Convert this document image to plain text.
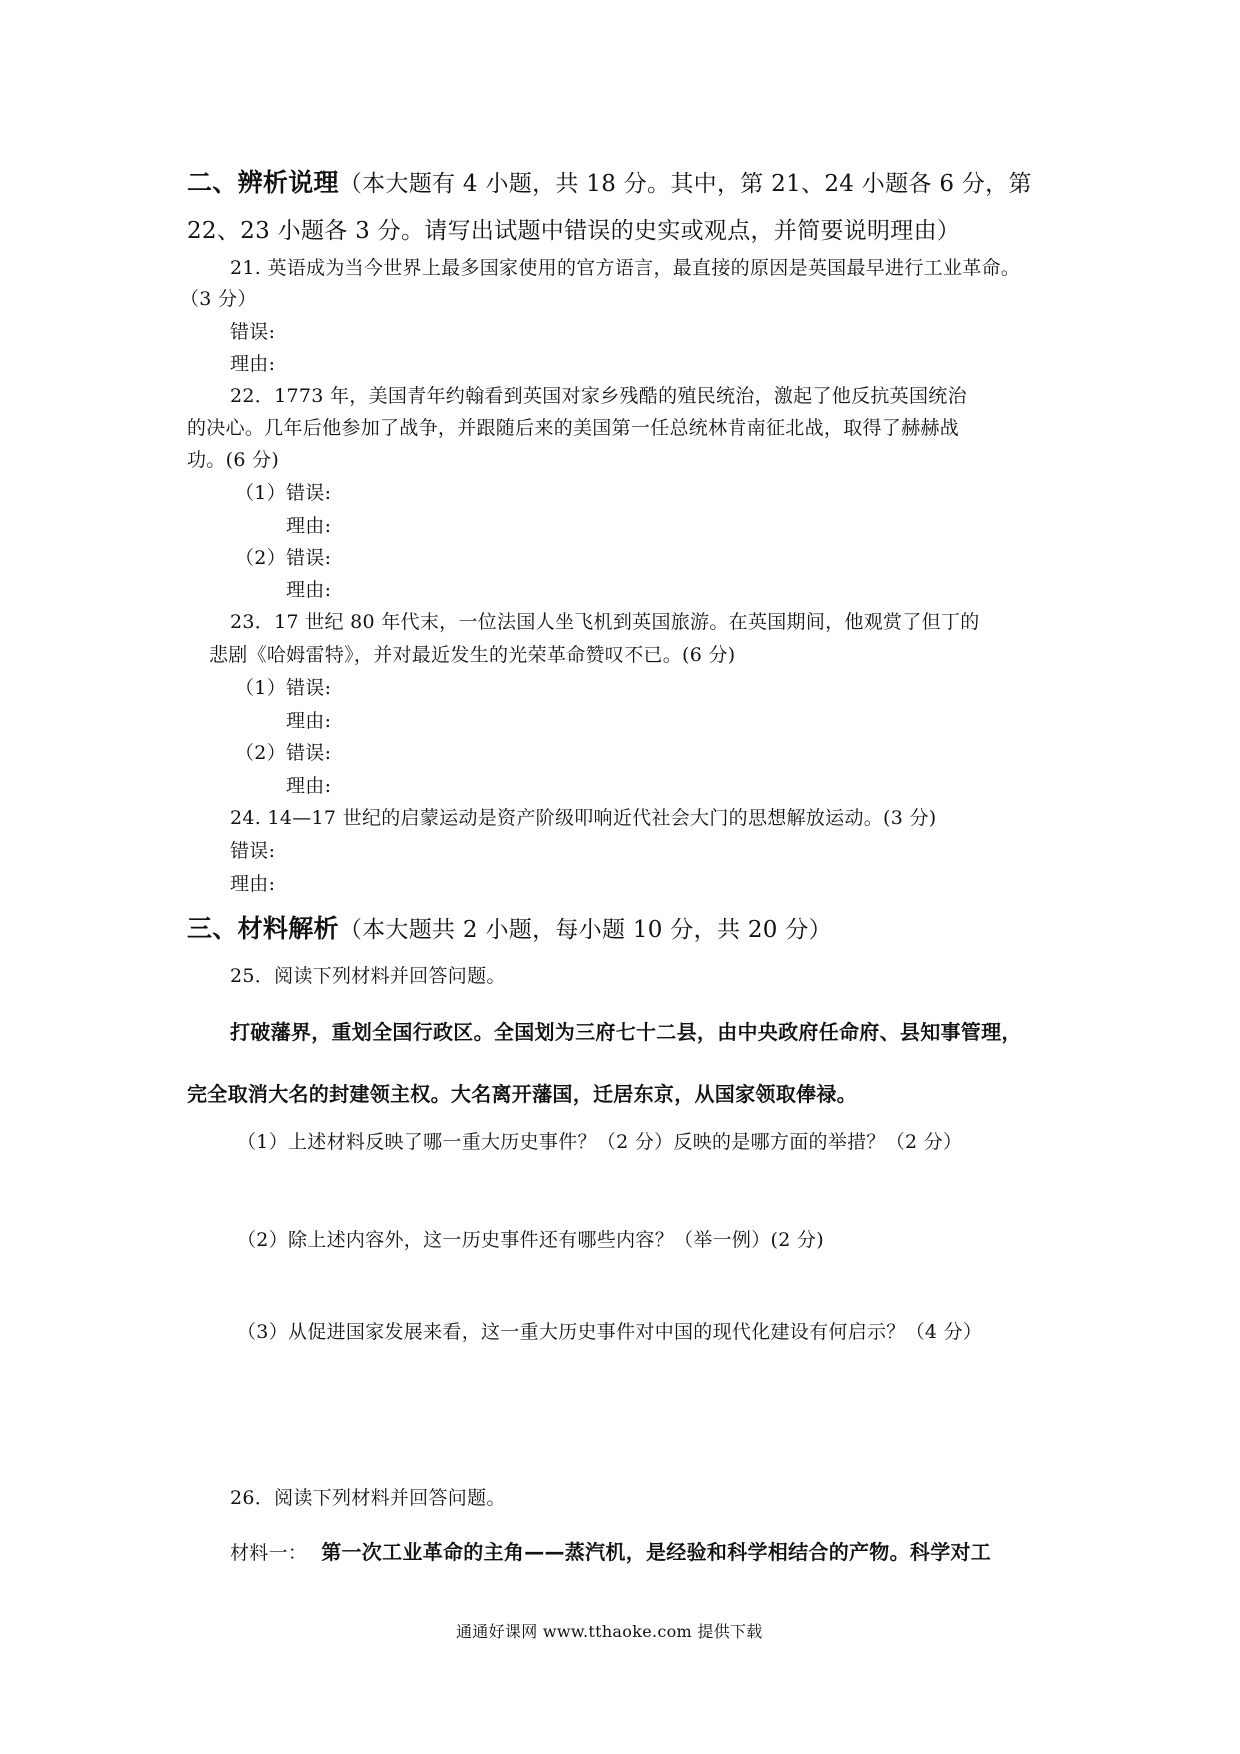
二、辨析说理（本大题有 4 小题，共 18 分。其中，第 21、24 小题各 6 分，第
22、23 小题各 3 分。请写出试题中错误的史实或观点，并简要说明理由）
21. 英语成为当今世界上最多国家使用的官方语言，最直接的原因是英国最早进行工业革命。
（3 分）
错误:
理由:
22．1773 年，美国青年约翰看到英国对家乡残酷的殖民统治，激起了他反抗英国统治
的决心。几年后他参加了战争，并跟随后来的美国第一任总统林肯南征北战，取得了赫赫战
功。(6 分)
（1）错误:
理由:
（2）错误:
理由:
23．17 世纪 80 年代末，一位法国人坐飞机到英国旅游。在英国期间，他观赏了但丁的
悲剧《哈姆雷特》，并对最近发生的光荣革命赞叹不已。(6 分)
（1）错误:
理由:
（2）错误:
理由:
24. 14—17 世纪的启蒙运动是资产阶级叩响近代社会大门的思想解放运动。(3 分)
错误:
理由:
三、材料解析（本大题共 2 小题，每小题 10 分，共 20 分）
25．阅读下列材料并回答问题。
打破藩界，重划全国行政区。全国划为三府七十二县，由中央政府任命府、县知事管理，
完全取消大名的封建领主权。大名离开藩国，迁居东京，从国家领取俸禄。
（1）上述材料反映了哪一重大历史事件？（2 分）反映的是哪方面的举措？（2 分）
（2）除上述内容外，这一历史事件还有哪些内容？（举一例）(2 分)
（3）从促进国家发展来看，这一重大历史事件对中国的现代化建设有何启示？（4 分）
26．阅读下列材料并回答问题。
材料一： 第一次工业革命的主角——蒸汽机，是经验和科学相结合的产物。科学对工
通通好课网 www.tthaoke.com 提供下载
